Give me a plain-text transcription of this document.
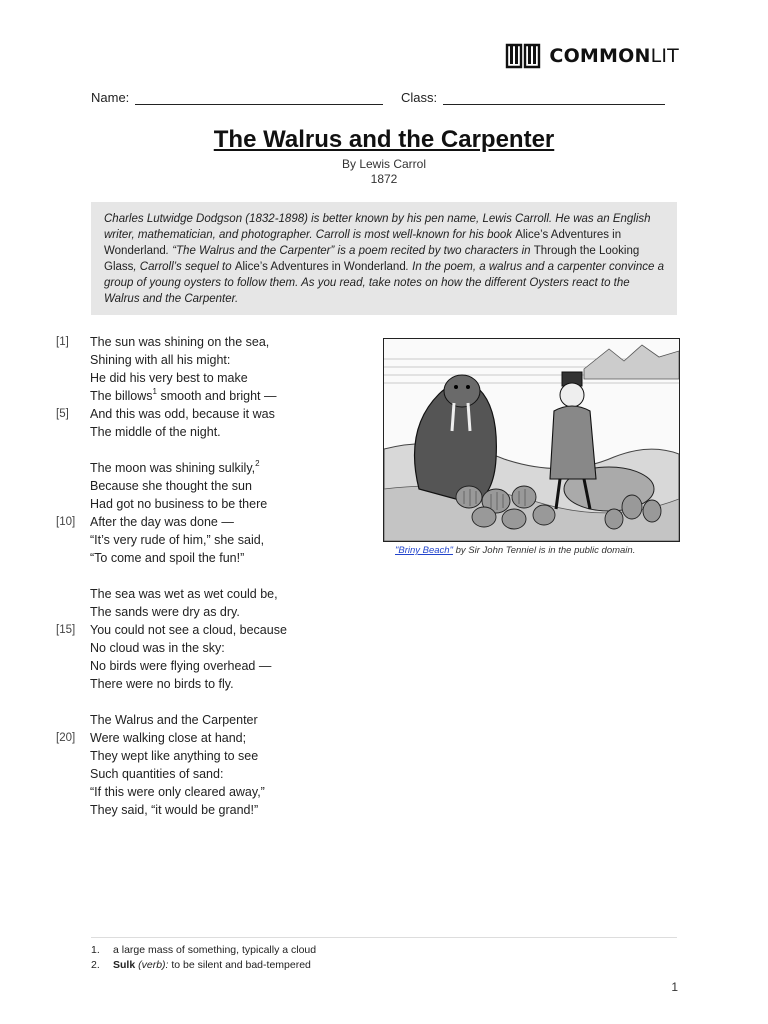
COMMONLIT
Name:	Class:
The Walrus and the Carpenter
By Lewis Carrol
1872
Charles Lutwidge Dodgson (1832-1898) is better known by his pen name, Lewis Carroll. He was an English writer, mathematician, and photographer. Carroll is most well-known for his book Alice’s Adventures in Wonderland. “The Walrus and the Carpenter” is a poem recited by two characters in Through the Looking Glass, Carroll’s sequel to Alice’s Adventures in Wonderland. In the poem, a walrus and a carpenter convince a group of young oysters to follow them. As you read, take notes on how the different Oysters react to the Walrus and the Carpenter.
[1]	The sun was shining on the sea,
Shining with all his might:
He did his very best to make
The billows$^1$ smooth and bright —
[5]	And this was odd, because it was
The middle of the night.
The moon was shining sulkily,$^2$
Because she thought the sun
Had got no business to be there
[10]	After the day was done —
“It’s very rude of him,” she said,
“To come and spoil the fun!”
The sea was wet as wet could be,
The sands were dry as dry.
[15]	You could not see a cloud, because
No cloud was in the sky:
No birds were flying overhead —
There were no birds to fly.
The Walrus and the Carpenter
[20]	Were walking close at hand;
They wept like anything to see
Such quantities of sand:
“If this were only cleared away,”
They said, “it would be grand!”
"Briny Beach" by Sir John Tenniel is in the public domain.
1.	a large mass of something, typically a cloud
2.	Sulk (verb): to be silent and bad-tempered
1
